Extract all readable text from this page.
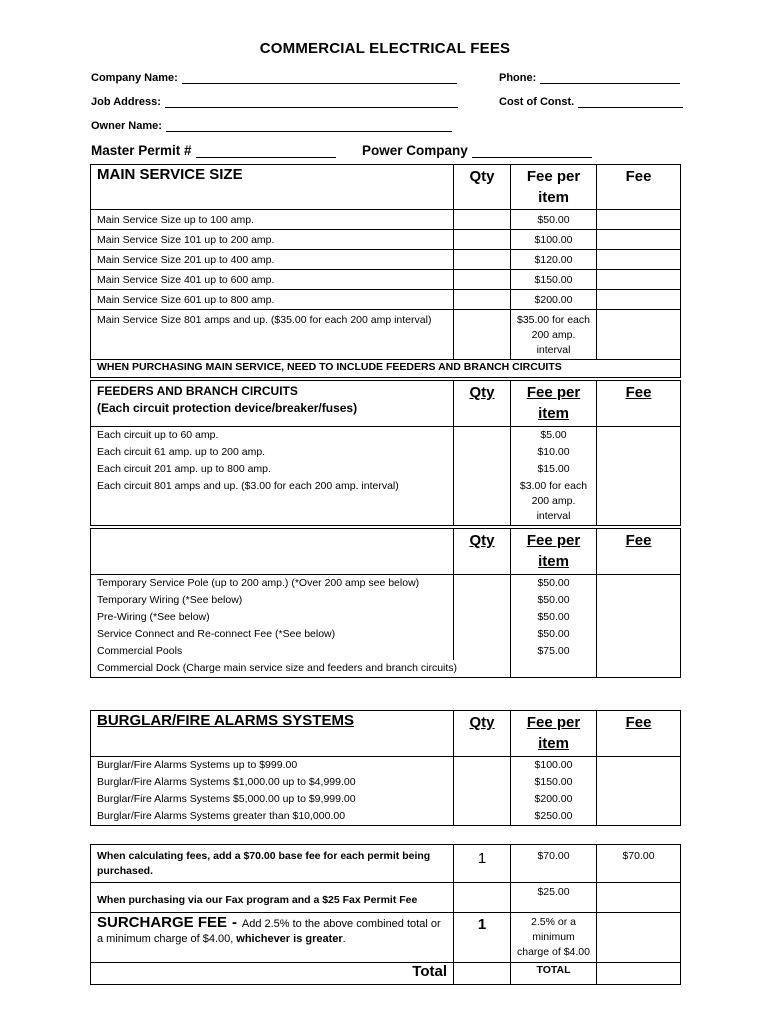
COMMERCIAL ELECTRICAL FEES
Company Name:	Phone:
Job Address:	Cost of Const.
Owner Name:
Master Permit #	Power Company
MAIN SERVICE SIZE	Qty	Fee per item	Fee
Main Service Size up to 100 amp.		$50.00	
Main Service Size 101 up to 200 amp.		$100.00	
Main Service Size 201 up to 400 amp.		$120.00	
Main Service Size 401 up to 600 amp.		$150.00	
Main Service Size 601 up to 800 amp.		$200.00	
Main Service Size 801 amps and up. ($35.00 for each 200 amp interval)		$35.00 for each 200 amp. interval	
WHEN PURCHASING MAIN SERVICE, NEED TO INCLUDE FEEDERS AND BRANCH CIRCUITS			
FEEDERS AND BRANCH CIRCUITS
(Each circuit protection device/breaker/fuses)	Qty	Fee per item	Fee
Each circuit up to 60 amp.		$5.00	
Each circuit 61 amp. up to 200 amp.		$10.00	
Each circuit 201 amp. up to 800 amp.		$15.00	
Each circuit 801 amps and up. ($3.00 for each 200 amp. interval)		$3.00 for each 200 amp. interval	
	Qty	Fee per item	Fee
Temporary Service Pole (up to 200 amp.) (*Over 200 amp see below)		$50.00	
Temporary Wiring (*See below)		$50.00	
Pre-Wiring (*See below)		$50.00	
Service Connect and Re-connect Fee (*See below)		$50.00	
Commercial Pools		$75.00	
Commercial Dock (Charge main service size and feeders and branch circuits)			
BURGLAR/FIRE ALARMS SYSTEMS	Qty	Fee per item	Fee
Burglar/Fire Alarms Systems up to $999.00		$100.00	
Burglar/Fire Alarms Systems $1,000.00 up to $4,999.00		$150.00	
Burglar/Fire Alarms Systems $5,000.00 up to $9,999.00		$200.00	
Burglar/Fire Alarms Systems greater than $10,000.00		$250.00	
When calculating fees, add a $70.00 base fee for each permit being purchased.	1	$70.00	$70.00
When purchasing via our Fax program and a $25 Fax Permit Fee		$25.00	
SURCHARGE FEE - Add 2.5% to the above combined total or a minimum charge of $4.00, whichever is greater.	1	2.5% or a minimum charge of $4.00	
Total		TOTAL	
